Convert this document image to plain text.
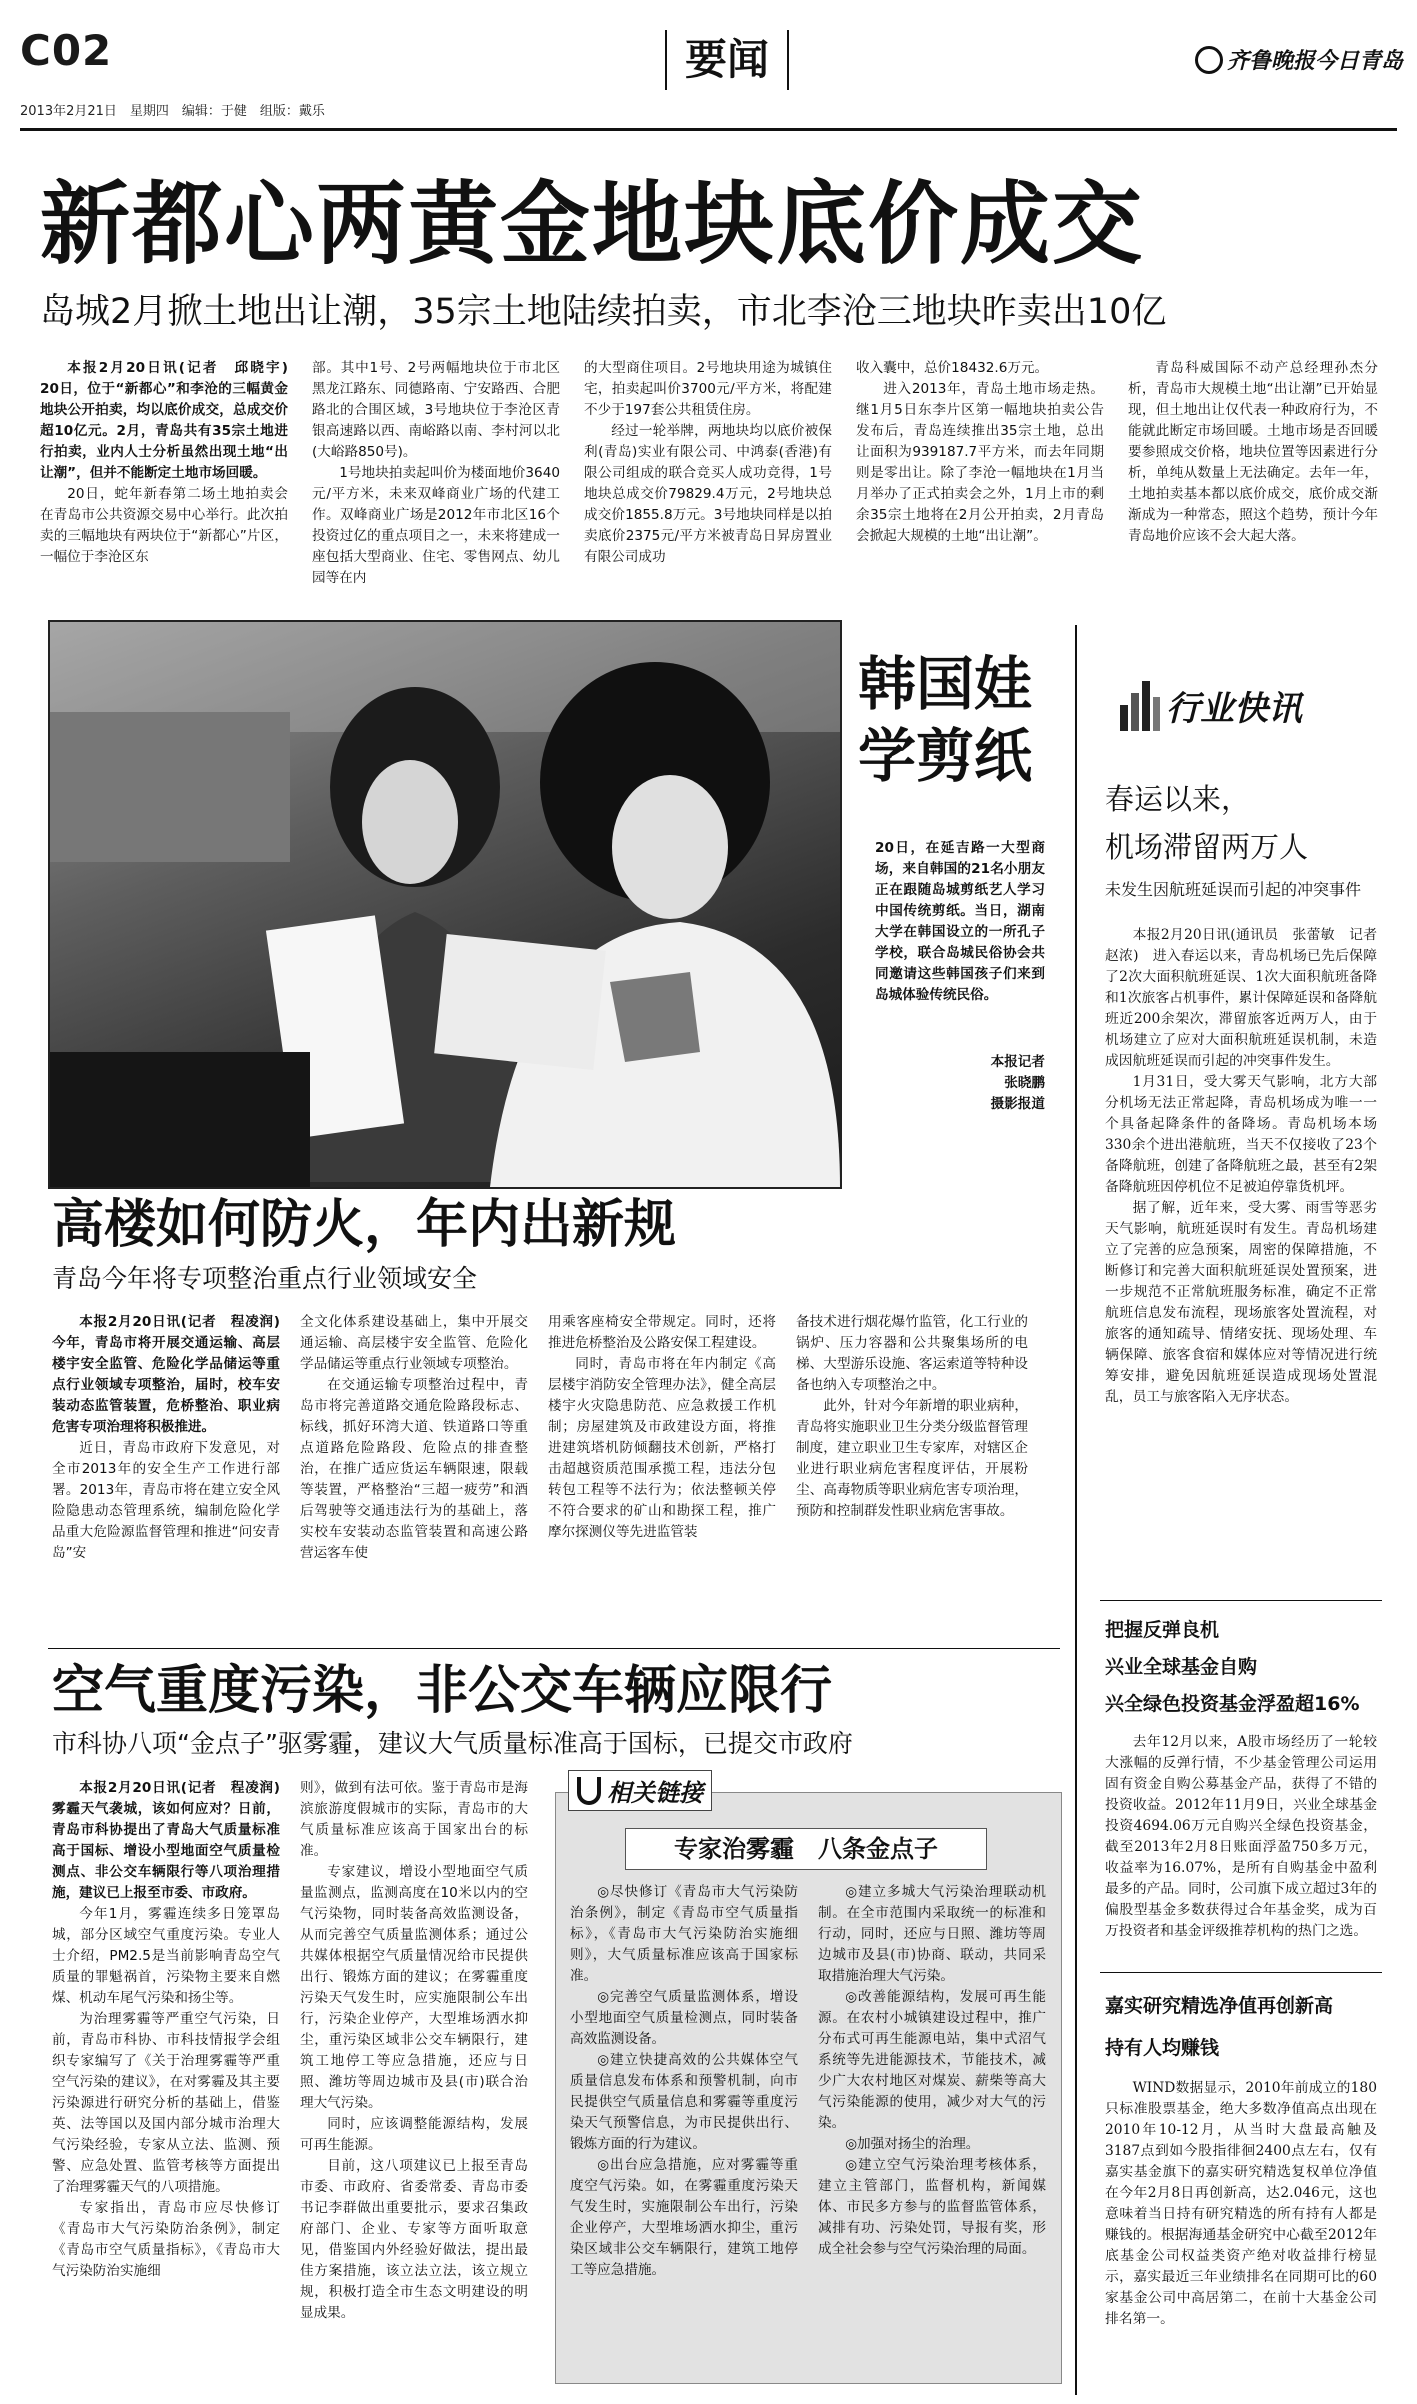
C02
2013年2月21日　星期四　编辑：于健　组版：戴乐
要闻	齐鲁晚报今日青岛
新都心两黄金地块底价成交
岛城2月掀土地出让潮，35宗土地陆续拍卖，市北李沧三地块昨卖出10亿

本报2月20日讯(记者　邱晓宇)　20日，位于“新都心”和李沧的三幅黄金地块公开拍卖，均以底价成交，总成交价超10亿元。2月，青岛共有35宗土地进行拍卖，业内人士分析虽然出现土地“出让潮”，但并不能断定土地市场回暖。

20日，蛇年新春第二场土地拍卖会在青岛市公共资源交易中心举行。此次拍卖的三幅地块有两块位于“新都心”片区，一幅位于李沧区东

部。其中1号、2号两幅地块位于市北区黑龙江路东、同德路南、宁安路西、合肥路北的合围区域，3号地块位于李沧区青银高速路以西、南峪路以南、李村河以北(大峪路850号)。

1号地块拍卖起叫价为楼面地价3640元/平方米，未来双峰商业广场的代建工作。双峰商业广场是2012年市北区16个投资过亿的重点项目之一，未来将建成一座包括大型商业、住宅、零售网点、幼儿园等在内

的大型商住项目。2号地块用途为城镇住宅，拍卖起叫价3700元/平方米，将配建不少于197套公共租赁住房。

经过一轮举牌，两地块均以底价被保利(青岛)实业有限公司、中鸿泰(香港)有限公司组成的联合竞买人成功竞得，1号地块总成交价79829.4万元，2号地块总成交价1855.8万元。3号地块同样是以拍卖底价2375元/平方米被青岛日昇房置业有限公司成功

收入囊中，总价18432.6万元。

进入2013年，青岛土地市场走热。继1月5日东李片区第一幅地块拍卖公告发布后，青岛连续推出35宗土地，总出让面积为939187.7平方米，而去年同期则是零出让。除了李沧一幅地块在1月当月举办了正式拍卖会之外，1月上市的剩余35宗土地将在2月公开拍卖，2月青岛会掀起大规模的土地“出让潮”。

青岛科威国际不动产总经理孙杰分析，青岛市大规模土地“出让潮”已开始显现，但土地出让仅代表一种政府行为，不能就此断定市场回暖。土地市场是否回暖要参照成交价格，地块位置等因素进行分析，单纯从数量上无法确定。去年一年，土地拍卖基本都以底价成交，底价成交渐渐成为一种常态，照这个趋势，预计今年青岛地价应该不会大起大落。

韩国娃
学剪纸
20日，在延吉路一大型商场，来自韩国的21名小朋友正在跟随岛城剪纸艺人学习中国传统剪纸。当日，湖南大学在韩国设立的一所孔子学校，联合岛城民俗协会共同邀请这些韩国孩子们来到岛城体验传统民俗。
本报记者
张晓鹏
摄影报道
行业快讯
春运以来，
机场滞留两万人
未发生因航班延误而引起的冲突事件

本报2月20日讯(通讯员　张蕾敏　记者　赵浓)　进入春运以来，青岛机场已先后保障了2次大面积航班延误、1次大面积航班备降和1次旅客占机事件，累计保障延误和备降航班近200余架次，滞留旅客近两万人，由于机场建立了应对大面积航班延误机制，未造成因航班延误而引起的冲突事件发生。

1月31日，受大雾天气影响，北方大部分机场无法正常起降，青岛机场成为唯一一个具备起降条件的备降场。青岛机场本场330余个进出港航班，当天不仅接收了23个备降航班，创建了备降航班之最，甚至有2架备降航班因停机位不足被迫停靠货机坪。

据了解，近年来，受大雾、雨雪等恶劣天气影响，航班延误时有发生。青岛机场建立了完善的应急预案，周密的保障措施，不断修订和完善大面积航班延误处置预案，进一步规范不正常航班服务标准，确定不正常航班信息发布流程，现场旅客处置流程，对旅客的通知疏导、情绪安抚、现场处理、车辆保障、旅客食宿和媒体应对等情况进行统筹安排，避免因航班延误造成现场处置混乱，员工与旅客陷入无序状态。

把握反弹良机
兴业全球基金自购
兴全绿色投资基金浮盈超16%

去年12月以来，A股市场经历了一轮较大涨幅的反弹行情，不少基金管理公司运用固有资金自购公募基金产品，获得了不错的投资收益。2012年11月9日，兴业全球基金投资4694.06万元自购兴全绿色投资基金，截至2013年2月8日账面浮盈750多万元，收益率为16.07%，是所有自购基金中盈利最多的产品。同时，公司旗下成立超过3年的偏股型基金多数获得过合年基金奖，成为百万投资者和基金评级推荐机构的热门之选。

嘉实研究精选净值再创新高
持有人均赚钱

WIND数据显示，2010年前成立的180只标准股票基金，绝大多数净值高点出现在2010年10-12月，从当时大盘最高触及3187点到如今股指徘徊2400点左右，仅有嘉实基金旗下的嘉实研究精选复权单位净值在今年2月8日再创新高，达2.046元，这也意味着当日持有研究精选的所有持有人都是赚钱的。根据海通基金研究中心截至2012年底基金公司权益类资产绝对收益排行榜显示，嘉实最近三年业绩排名在同期可比的60家基金公司中高居第二，在前十大基金公司排名第一。

高楼如何防火，年内出新规
青岛今年将专项整治重点行业领域安全

本报2月20日讯(记者　程凌润)　今年，青岛市将开展交通运输、高层楼宇安全监管、危险化学品储运等重点行业领域专项整治，届时，校车安装动态监管装置，危桥整治、职业病危害专项治理将积极推进。

近日，青岛市政府下发意见，对全市2013年的安全生产工作进行部署。2013年，青岛市将在建立安全风险隐患动态管理系统，编制危险化学品重大危险源监督管理和推进“问安青岛”安

全文化体系建设基础上，集中开展交通运输、高层楼宇安全监管、危险化学品储运等重点行业领域专项整治。

在交通运输专项整治过程中，青岛市将完善道路交通危险路段标志、标线，抓好环湾大道、铁道路口等重点道路危险路段、危险点的排查整治，在推广适应货运车辆限速，限载等装置，严格整治“三超一疲劳”和酒后驾驶等交通违法行为的基础上，落实校车安装动态监管装置和高速公路营运客车使

用乘客座椅安全带规定。同时，还将推进危桥整治及公路安保工程建设。

同时，青岛市将在年内制定《高层楼宇消防安全管理办法》，健全高层楼宇火灾隐患防范、应急救援工作机制；房屋建筑及市政建设方面，将推进建筑塔机防倾翻技术创新，严格打击超越资质范围承揽工程，违法分包转包工程等不法行为；依法整顿关停不符合要求的矿山和勘探工程，推广摩尔探测仪等先进监管装

备技术进行烟花爆竹监管，化工行业的锅炉、压力容器和公共聚集场所的电梯、大型游乐设施、客运索道等特种设备也纳入专项整治之中。

此外，针对今年新增的职业病种，青岛将实施职业卫生分类分级监督管理制度，建立职业卫生专家库，对辖区企业进行职业病危害程度评估，开展粉尘、高毒物质等职业病危害专项治理，预防和控制群发性职业病危害事故。

空气重度污染，非公交车辆应限行
市科协八项“金点子”驱雾霾，建议大气质量标准高于国标，已提交市政府

本报2月20日讯(记者　程凌润)　雾霾天气袭城，该如何应对？日前，青岛市科协提出了青岛大气质量标准高于国标、增设小型地面空气质量检测点、非公交车辆限行等八项治理措施，建议已上报至市委、市政府。

今年1月，雾霾连续多日笼罩岛城，部分区域空气重度污染。专业人士介绍，PM2.5是当前影响青岛空气质量的罪魁祸首，污染物主要来自燃煤、机动车尾气污染和扬尘等。

为治理雾霾等严重空气污染，日前，青岛市科协、市科技情报学会组织专家编写了《关于治理雾霾等严重空气污染的建议》，在对雾霾及其主要污染源进行研究分析的基础上，借鉴英、法等国以及国内部分城市治理大气污染经验，专家从立法、监测、预警、应急处置、监管考核等方面提出了治理雾霾天气的八项措施。

专家指出，青岛市应尽快修订《青岛市大气污染防治条例》，制定《青岛市空气质量指标》，《青岛市大气污染防治实施细

则》，做到有法可依。鉴于青岛市是海滨旅游度假城市的实际，青岛市的大气质量标准应该高于国家出台的标准。

专家建议，增设小型地面空气质量监测点，监测高度在10米以内的空气污染物，同时装备高效监测设备，从而完善空气质量监测体系；通过公共媒体根据空气质量情况给市民提供出行、锻炼方面的建议；在雾霾重度污染天气发生时，应实施限制公车出行，污染企业停产，大型堆场洒水抑尘，重污染区域非公交车辆限行，建筑工地停工等应急措施，还应与日照、潍坊等周边城市及县(市)联合治理大气污染。

同时，应该调整能源结构，发展可再生能源。

目前，这八项建议已上报至青岛市委、市政府、省委常委、青岛市委书记李群做出重要批示，要求召集政府部门、企业、专家等方面听取意见，借鉴国内外经验好做法，提出最佳方案措施，该立法立法，该立规立规，积极打造全市生态文明建设的明显成果。

相关链接
专家治雾霾　八条金点子

◎尽快修订《青岛市大气污染防治条例》，制定《青岛市空气质量指标》，《青岛市大气污染防治实施细则》，大气质量标准应该高于国家标准。

◎完善空气质量监测体系，增设小型地面空气质量检测点，同时装备高效监测设备。

◎建立快捷高效的公共媒体空气质量信息发布体系和预警机制，向市民提供空气质量信息和雾霾等重度污染天气预警信息，为市民提供出行、锻炼方面的行为建议。

◎出台应急措施，应对雾霾等重度空气污染。如，在雾霾重度污染天气发生时，实施限制公车出行，污染企业停产，大型堆场洒水抑尘，重污染区域非公交车辆限行，建筑工地停工等应急措施。

◎建立多城大气污染治理联动机制。在全市范围内采取统一的标准和行动，同时，还应与日照、潍坊等周边城市及县(市)协商、联动，共同采取措施治理大气污染。

◎改善能源结构，发展可再生能源。在农村小城镇建设过程中，推广分布式可再生能源电站，集中式沼气系统等先进能源技术，节能技术，减少广大农村地区对煤炭、薪柴等高大气污染能源的使用，减少对大气的污染。

◎加强对扬尘的治理。

◎建立空气污染治理考核体系，建立主管部门，监督机构，新闻媒体、市民多方参与的监督监管体系，减排有功、污染处罚，导报有奖，形成全社会参与空气污染治理的局面。
